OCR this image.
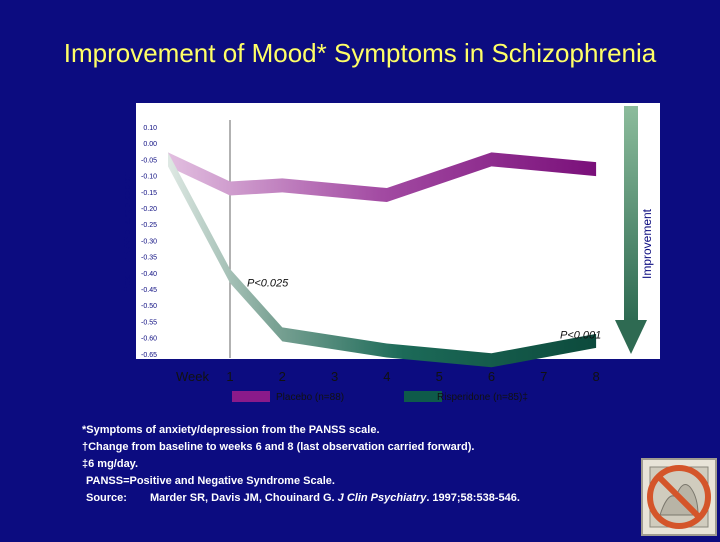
Improvement of Mood* Symptoms in Schizophrenia
Mean PANSS change score†
0.10
0.00
-0.05
-0.10
-0.15
-0.20
-0.25
-0.30
-0.35
-0.40
-0.45
-0.50
-0.55
-0.60
-0.65
Week 1	2	3	4	5	6	7	8
P<0.025
P<0.001
Improvement
Placebo (n=88)	Risperidone (n=85)‡
*Symptoms of anxiety/depression from the PANSS scale.
†Change from baseline to weeks 6 and 8 (last observation carried forward).
‡6 mg/day.
PANSS=Positive and Negative Syndrome Scale.
Source: Marder SR, Davis JM, Chouinard G. J Clin Psychiatry. 1997;58:538-546.
